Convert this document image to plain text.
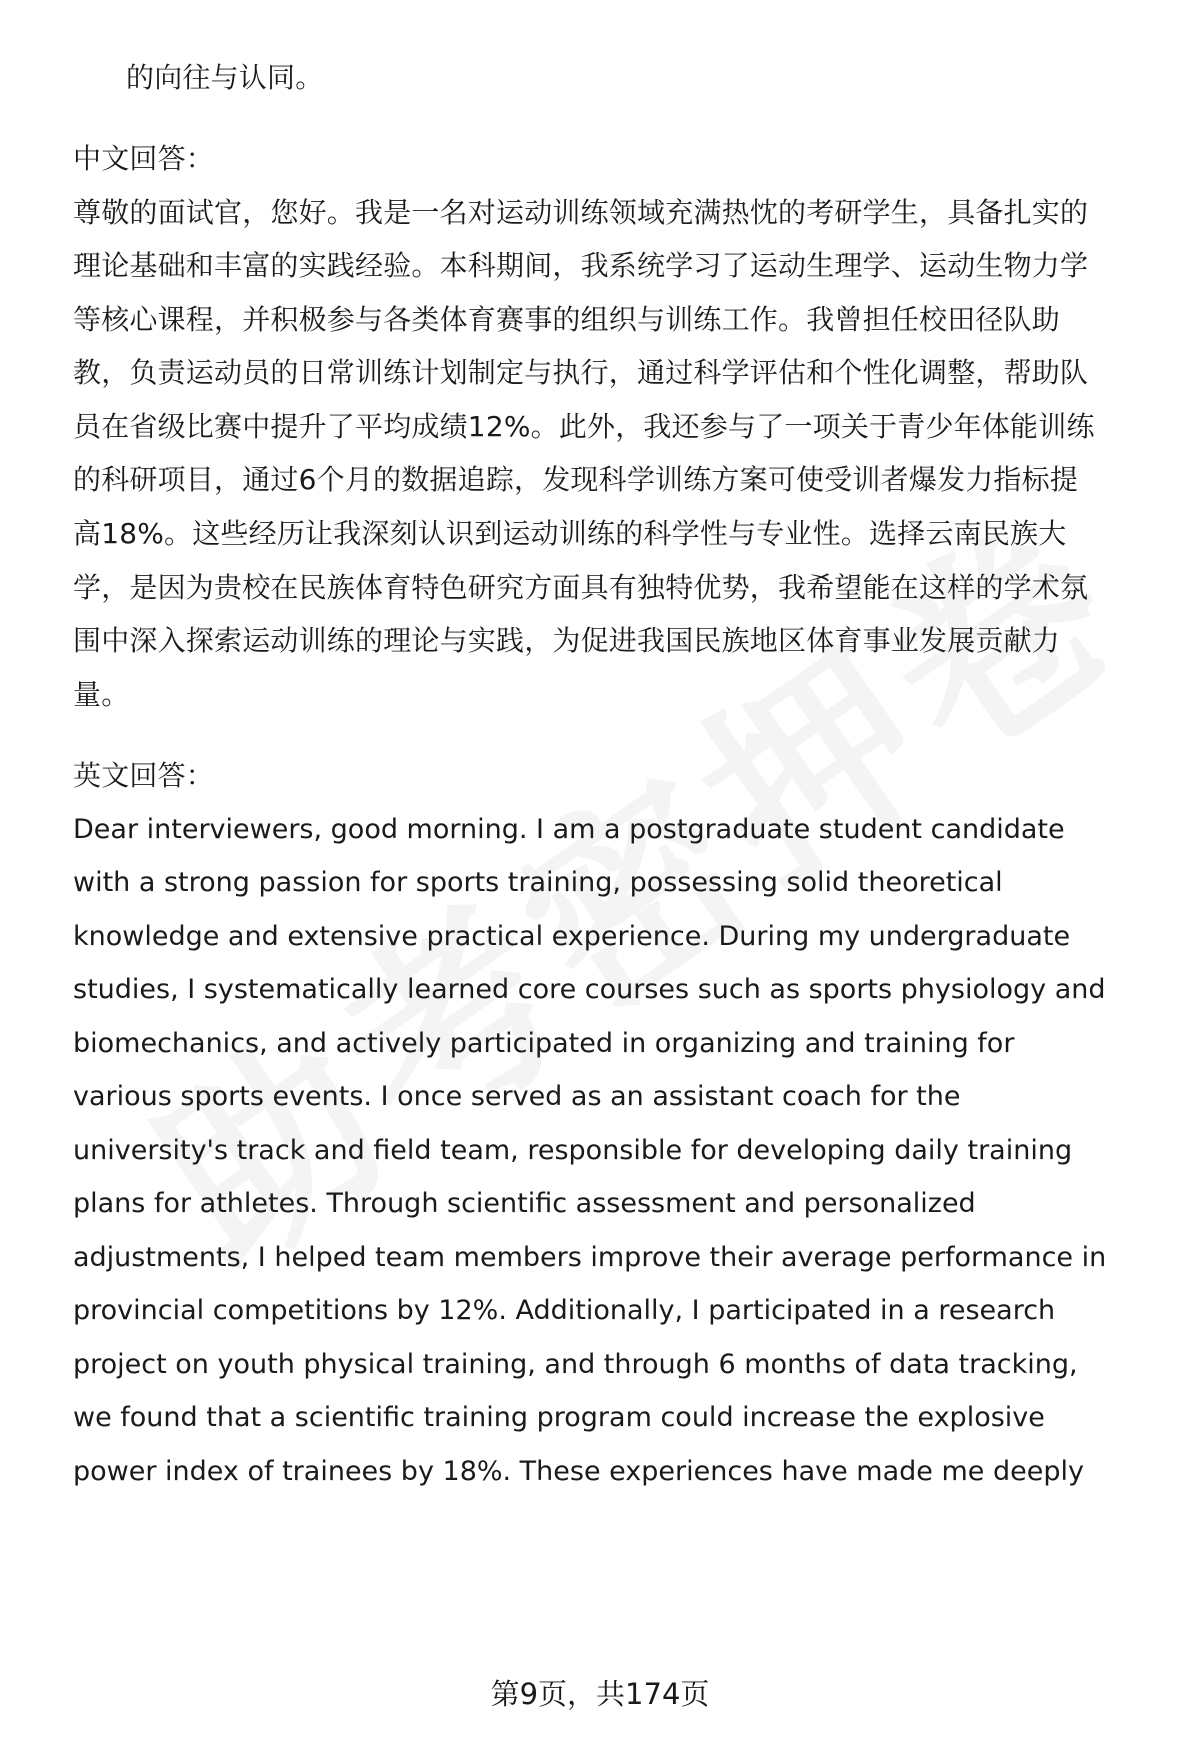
的向往与认同。
中文回答：
尊敬的面试官，您好。我是一名对运动训练领域充满热忱的考研学生，具备扎实的
理论基础和丰富的实践经验。本科期间，我系统学习了运动生理学、运动生物力学
等核心课程，并积极参与各类体育赛事的组织与训练工作。我曾担任校田径队助
教，负责运动员的日常训练计划制定与执行，通过科学评估和个性化调整，帮助队
员在省级比赛中提升了平均成绩12%。此外，我还参与了一项关于青少年体能训练
的科研项目，通过6个月的数据追踪，发现科学训练方案可使受训者爆发力指标提
高18%。这些经历让我深刻认识到运动训练的科学性与专业性。选择云南民族大
学，是因为贵校在民族体育特色研究方面具有独特优势，我希望能在这样的学术氛
围中深入探索运动训练的理论与实践，为促进我国民族地区体育事业发展贡献力
量。
英文回答：
Dear interviewers, good morning. I am a postgraduate student candidate
with a strong passion for sports training, possessing solid theoretical
knowledge and extensive practical experience. During my undergraduate
studies, I systematically learned core courses such as sports physiology and
biomechanics, and actively participated in organizing and training for
various sports events. I once served as an assistant coach for the
university's track and field team, responsible for developing daily training
plans for athletes. Through scientific assessment and personalized
adjustments, I helped team members improve their average performance in
provincial competitions by 12%. Additionally, I participated in a research
project on youth physical training, and through 6 months of data tracking,
we found that a scientific training program could increase the explosive
power index of trainees by 18%. These experiences have made me deeply
第9页，共174页
